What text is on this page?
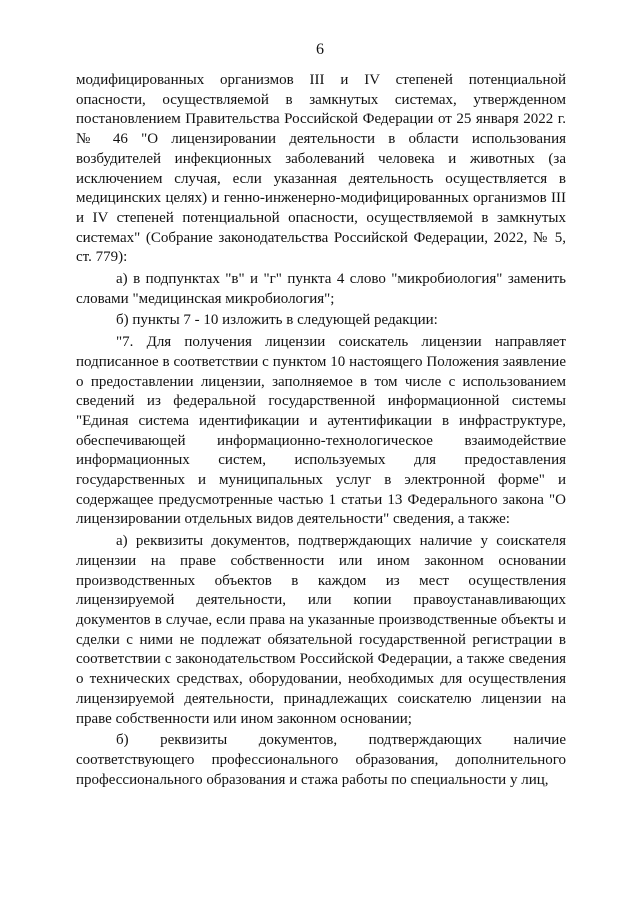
6

модифицированных организмов III и IV степеней потенциальной опасности, осуществляемой в замкнутых системах, утвержденном постановлением Правительства Российской Федерации от 25 января 2022 г. № 46 "О лицензировании деятельности в области использования возбудителей инфекционных заболеваний человека и животных (за исключением случая, если указанная деятельность осуществляется в медицинских целях) и генно-инженерно-модифицированных организмов III и IV степеней потенциальной опасности, осуществляемой в замкнутых системах" (Собрание законодательства Российской Федерации, 2022, № 5, ст. 779):

а) в подпунктах "в" и "г" пункта 4 слово "микробиология" заменить словами "медицинская микробиология";

б) пункты 7 - 10 изложить в следующей редакции:

"7. Для получения лицензии соискатель лицензии направляет подписанное в соответствии с пунктом 10 настоящего Положения заявление о предоставлении лицензии, заполняемое в том числе с использованием сведений из федеральной государственной информационной системы "Единая система идентификации и аутентификации в инфраструктуре, обеспечивающей информационно-технологическое взаимодействие информационных систем, используемых для предоставления государственных и муниципальных услуг в электронной форме" и содержащее предусмотренные частью 1 статьи 13 Федерального закона "О лицензировании отдельных видов деятельности" сведения, а также:

а) реквизиты документов, подтверждающих наличие у соискателя лицензии на праве собственности или ином законном основании производственных объектов в каждом из мест осуществления лицензируемой деятельности, или копии правоустанавливающих документов в случае, если права на указанные производственные объекты и сделки с ними не подлежат обязательной государственной регистрации в соответствии с законодательством Российской Федерации, а также сведения о технических средствах, оборудовании, необходимых для осуществления лицензируемой деятельности, принадлежащих соискателю лицензии на праве собственности или ином законном основании;

б) реквизиты документов, подтверждающих наличие соответствующего профессионального образования, дополнительного профессионального образования и стажа работы по специальности у лиц,
